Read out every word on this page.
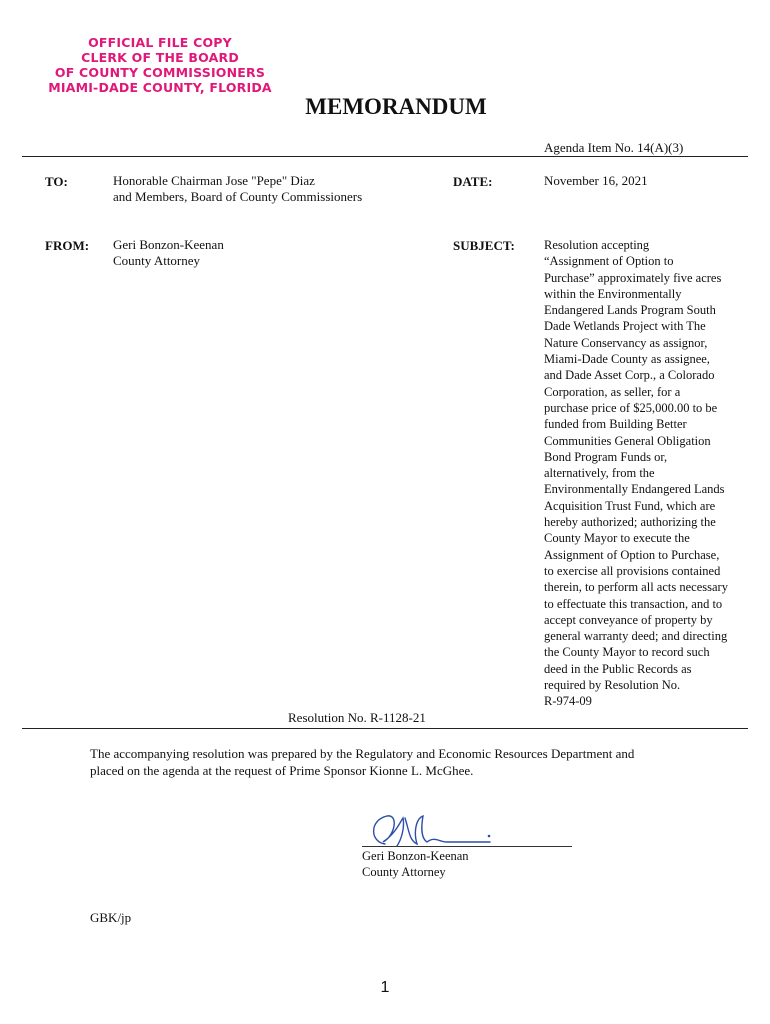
OFFICIAL FILE COPY
CLERK OF THE BOARD
OF COUNTY COMMISSIONERS
MIAMI-DADE COUNTY, FLORIDA
MEMORANDUM
Agenda Item No. 14(A)(3)
TO:	Honorable Chairman Jose "Pepe" Diaz
and Members, Board of County Commissioners
DATE:	November 16, 2021
FROM: Geri Bonzon-Keenan
County Attorney
SUBJECT: Resolution accepting
“Assignment of Option to
Purchase” approximately five acres
within the Environmentally
Endangered Lands Program South
Dade Wetlands Project with The
Nature Conservancy as assignor,
Miami-Dade County as assignee,
and Dade Asset Corp., a Colorado
Corporation, as seller, for a
purchase price of $25,000.00 to be
funded from Building Better
Communities General Obligation
Bond Program Funds or,
alternatively, from the
Environmentally Endangered Lands
Acquisition Trust Fund, which are
hereby authorized; authorizing the
County Mayor to execute the
Assignment of Option to Purchase,
to exercise all provisions contained
therein, to perform all acts necessary
to effectuate this transaction, and to
accept conveyance of property by
general warranty deed; and directing
the County Mayor to record such
deed in the Public Records as
required by Resolution No.
R-974-09
Resolution No. R-1128-21
The accompanying resolution was prepared by the Regulatory and Economic Resources Department and
placed on the agenda at the request of Prime Sponsor Kionne L. McGhee.
Geri Bonzon-Keenan
County Attorney
GBK/jp
1
